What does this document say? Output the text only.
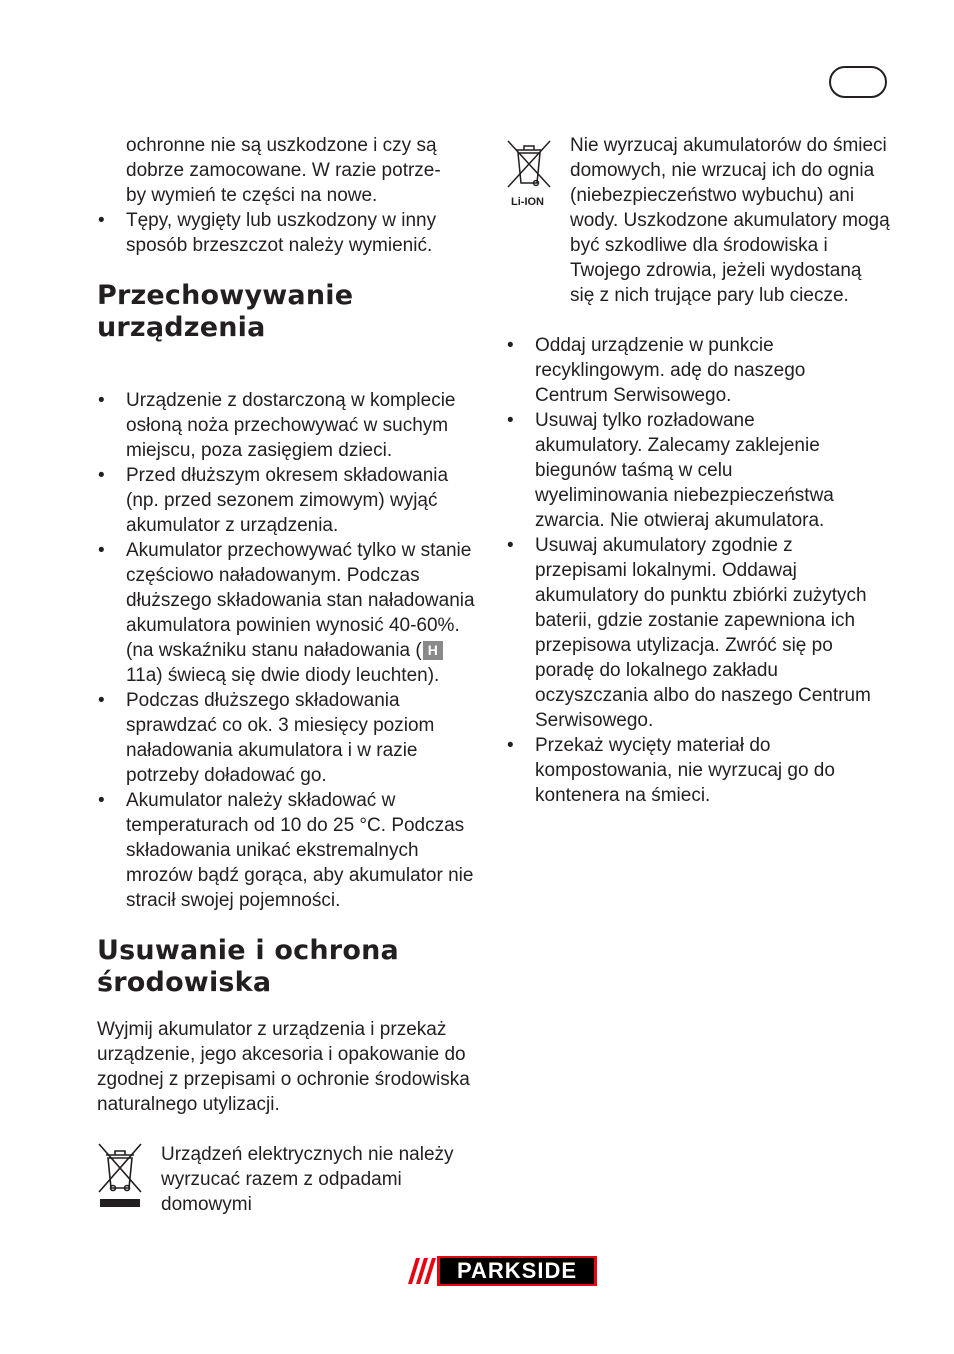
ochronne nie są uszkodzone i czy są

dobrze zamocowane. W razie potrze-

by wymień te części na nowe.

• Tępy, wygięty lub uszkodzony w inny sposób brzeszczot należy wymienić.

Przechowywanie
urządzenia

• Urządzenie z dostarczoną w komplecie osłoną noża przechowywać w suchym miejscu, poza zasięgiem dzieci.

• Przed dłuższym okresem składowania (np. przed sezonem zimowym) wyjąć akumulator z urządzenia.

• Akumulator przechowywać tylko w stanie częściowo naładowanym. Podczas dłuższego składowania stan naładowania akumulatora powinien wynosić 40-60%. (na wskaźniku stanu naładowania ( H 11a) świecą się dwie diody leuchten).

• Podczas dłuższego składowania sprawdzać co ok. 3 miesięcy poziom naładowania akumulatora i w razie potrzeby doładować go.

• Akumulator należy składować w temperaturach od 10 do 25 °C. Podczas składowania unikać ekstremalnych mrozów bądź gorąca, aby akumulator nie stracił swojej pojemności.

Usuwanie i ochrona
środowiska

Wyjmij akumulator z urządzenia i przekaż urządzenie, jego akcesoria i opakowanie do zgodnej z przepisami o ochronie środowiska naturalnego utylizacji.

Urządzeń elektrycznych nie należy wyrzucać razem z odpadami domowymi

Li-ION

Nie wyrzucaj akumulatorów do śmieci domowych, nie wrzucaj ich do ognia (niebezpieczeństwo wybuchu) ani wody. Uszkodzone akumulatory mogą być szkodliwe dla środowiska i Twojego zdrowia, jeżeli wydostaną się z nich trujące pary lub ciecze.

• Oddaj urządzenie w punkcie recyklingowym. adę do naszego Centrum Serwisowego.

• Usuwaj tylko rozładowane akumulatory. Zalecamy zaklejenie biegunów taśmą w celu wyeliminowania niebezpieczeństwa zwarcia. Nie otwieraj akumulatora.

• Usuwaj akumulatory zgodnie z przepisami lokalnymi. Oddawaj akumulatory do punktu zbiórki zużytych baterii, gdzie zostanie zapewniona ich przepisowa utylizacja. Zwróć się po poradę do lokalnego zakładu oczyszczania albo do naszego Centrum Serwisowego.

• Przekaż wycięty materiał do kompostowania, nie wyrzucaj go do kontenera na śmieci.

PARKSIDE
